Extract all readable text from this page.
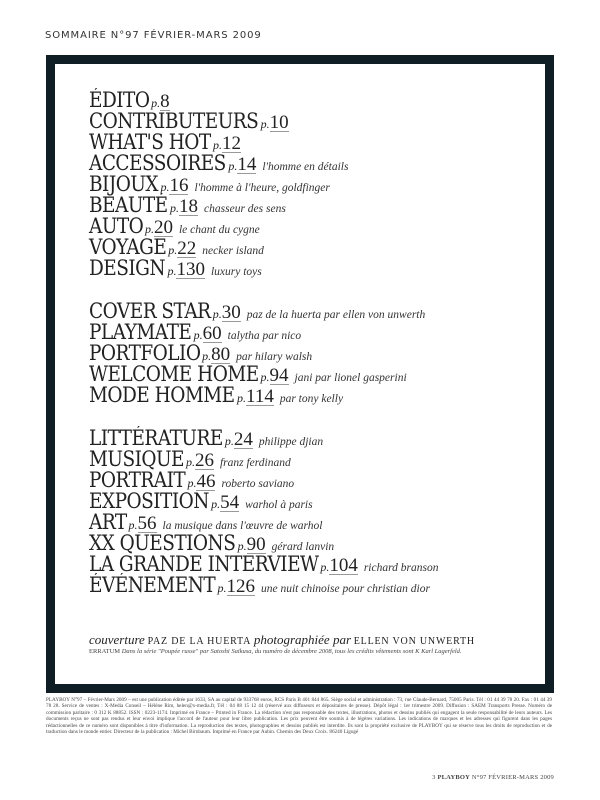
SOMMAIRE N°97 FÉVRIER-MARS 2009
ÉDITO p. 8
CONTRIBUTEURS p. 10
WHAT'S HOT p. 12
ACCESSOIRES p. 14 l'homme en détails
BIJOUX p. 16 l'homme à l'heure, goldfinger
BEAUTÉ p. 18 chasseur des sens
AUTO p. 20 le chant du cygne
VOYAGE p. 22 necker island
DESIGN p. 130 luxury toys
COVER STAR p. 30 paz de la huerta par ellen von unwerth
PLAYMATE p. 60 talytha par nico
PORTFOLIO p. 80 par hilary walsh
WELCOME HOME p. 94 jani par lionel gasperini
MODE HOMME p. 114 par tony kelly
LITTÉRATURE p. 24 philippe djian
MUSIQUE p. 26 franz ferdinand
PORTRAIT p. 46 roberto saviano
EXPOSITION p. 54 warhol à paris
ART p. 56 la musique dans l'œuvre de warhol
XX QUESTIONS p. 90 gérard lanvin
LA GRANDE INTERVIEW p. 104 richard branson
ÉVÉNEMENT p. 126 une nuit chinoise pour christian dior
couverture PAZ DE LA HUERTA photographiée par ELLEN VON UNWERTH
ERRATUM Dans la série "Poupée russe" par Satoshi Saikusa, du numéro de décembre 2008, tous les crédits vêtements sont K Karl Lagerfeld.
PLAYBOY N°97 – Février-Mars 2009 – est une publication éditée par 1633, SA au capital de 933768 euros, RCS Paris B 401 844 865. Siège social et administration : 73, rue Claude-Bernard, 75005 Paris. Tél : 01 44 39 78 20. Fax : 01 44 39 78 28. Service de ventes : X-Media Conseil – Hélène Rim, helen@x-media.fr, Tél : 04 88 15 12 44 (réservé aux diffuseurs et dépositaires de presse). Dépôt légal : 1er trimestre 2009. Diffusion : SAEM Transports Presse. Numéro de commission paritaire : 0 312 K 88852. ISSN : 0223-1174. Imprimé en France – Printed in France. La rédaction n'est pas responsable des textes, illustrations, photos et dessins publiés qui engagent la seule responsabilité de leurs auteurs. Les documents reçus ne sont pas rendus et leur envoi implique l'accord de l'auteur pour leur libre publication. Les prix peuvent être soumis à de légères variations. Les indications de marques et les adresses qui figurent dans les pages rédactionnelles de ce numéro sont disponibles à titre d'information. La reproduction des textes, photographies et dessins publiés est interdite. Ils sont la propriété exclusive de PLAYBOY qui se réserve tous les droits de reproduction et de traduction dans le monde entier. Directeur de la publication : Michel Birnbaum. Imprimé en France par Aubin. Chemin des Deux Croix. 86240 Ligugé
3 PLAYBOY N°97 FÉVRIER-MARS 2009
